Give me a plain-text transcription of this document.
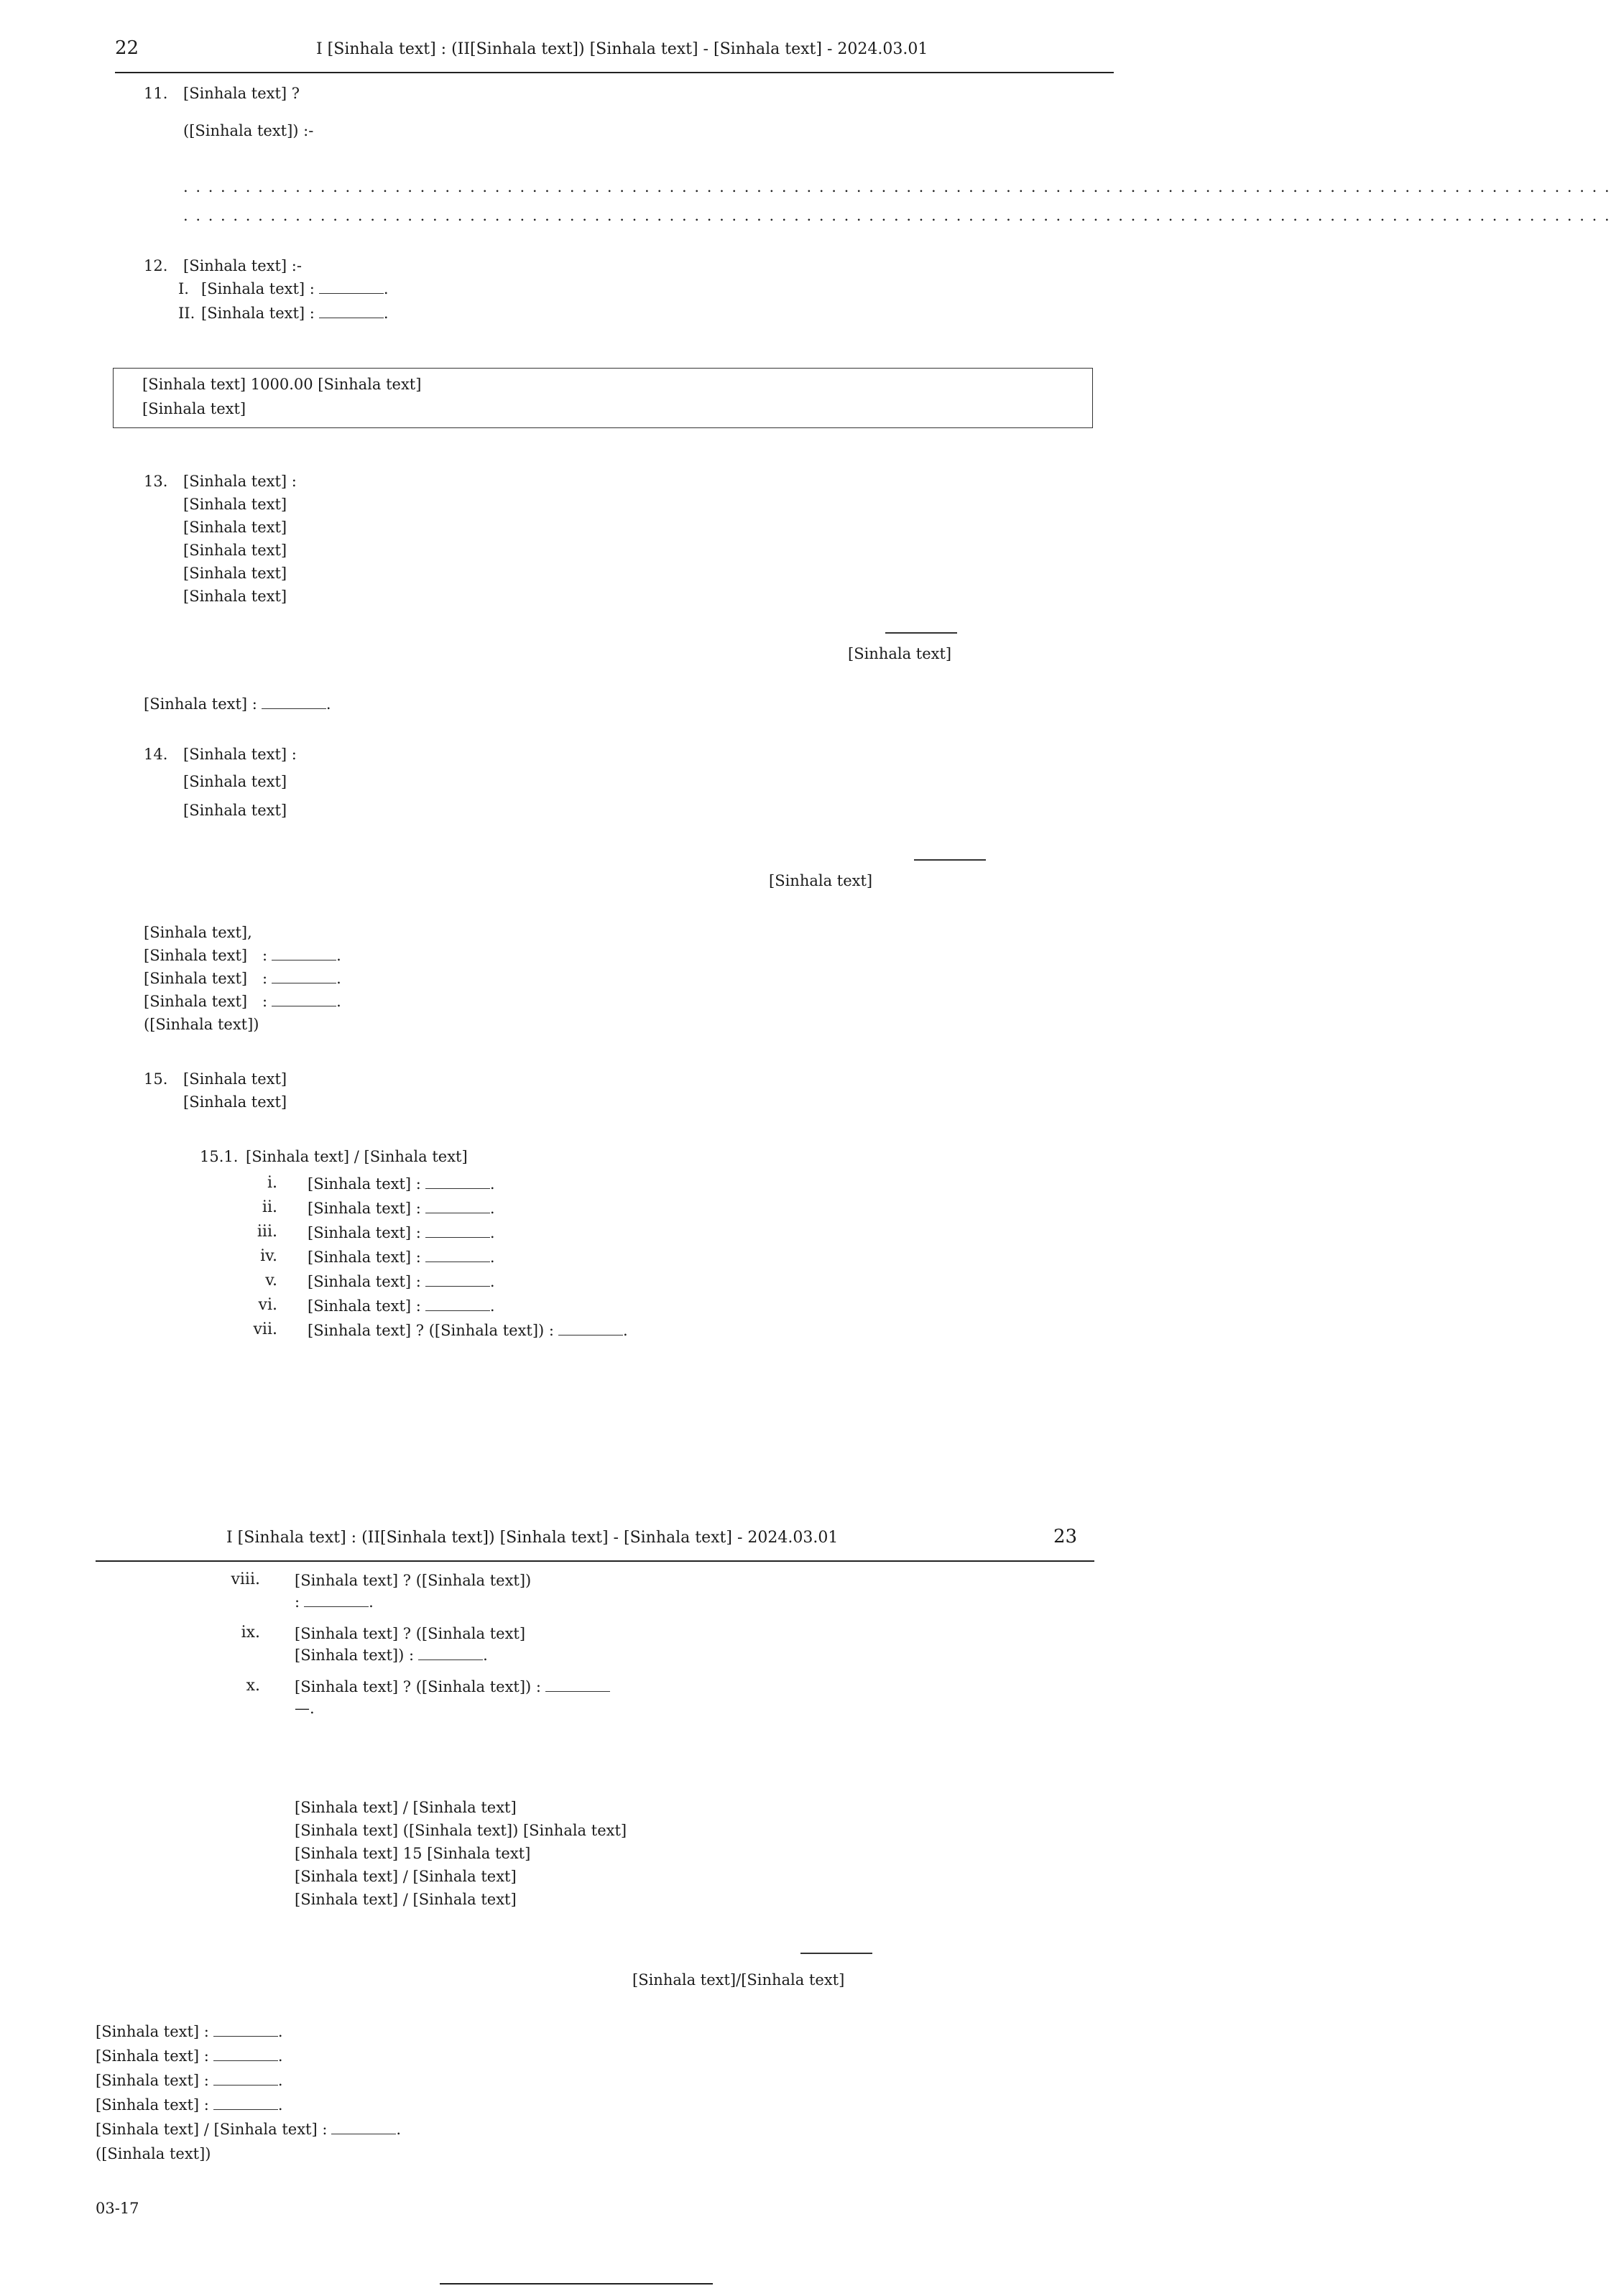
22	I [Sinhala text] : (II[Sinhala text]) [Sinhala text] - [Sinhala text] - 2024.03.01
11. [Sinhala text] ?
([Sinhala text]) :-
. . . . . . . . . . . . . . . . . . . . . . . . . . . . . . . . . . . . . . . . . . . . . . . . . . . . . . . . . . . . . . . . . . . . . . . . . . . . . . . . . . . . . . . . . . . . . . . . . . . . . . . . . . . . . . . . . . .
. . . . . . . . . . . . . . . . . . . . . . . . . . . . . . . . . . . . . . . . . . . . . . . . . . . . . . . . . . . . . . . . . . . . . . . . . . . . . . . . . . . . . . . . . . . . . . . . . . . . . . . . . . . . . . . . . . .
12. [Sinhala text] :-
I. [Sinhala text] :	.
II. [Sinhala text] :	.
[Sinhala text] 1000.00 [Sinhala text]
[Sinhala text]
13. [Sinhala text] :
[Sinhala text]
[Sinhala text]
[Sinhala text]
[Sinhala text]
[Sinhala text]
[Sinhala text]
[Sinhala text] :	.
14. [Sinhala text] :
[Sinhala text]
[Sinhala text]
[Sinhala text]
[Sinhala text],
[Sinhala text] :	.
[Sinhala text] :	.
[Sinhala text] :	.
([Sinhala text])
15. [Sinhala text]
[Sinhala text]
15.1. [Sinhala text] / [Sinhala text]
i. [Sinhala text] :	.
ii. [Sinhala text] :	.
iii. [Sinhala text] :	.
iv. [Sinhala text] :	.
v. [Sinhala text] :	.
vi. [Sinhala text] :	.
vii. [Sinhala text] ? ([Sinhala text]) :	.
I [Sinhala text] : (II[Sinhala text]) [Sinhala text] - [Sinhala text] - 2024.03.01	23
viii. [Sinhala text] ? ([Sinhala text])
:	.
ix. [Sinhala text] ? ([Sinhala text]
[Sinhala text]) :	.
x. [Sinhala text] ? ([Sinhala text]) :
—.
[Sinhala text] / [Sinhala text]
[Sinhala text] ([Sinhala text]) [Sinhala text]
[Sinhala text] 15 [Sinhala text]
[Sinhala text] / [Sinhala text]
[Sinhala text] / [Sinhala text]
[Sinhala text]/[Sinhala text]
[Sinhala text] :	.
[Sinhala text] :	.
[Sinhala text] :	.
[Sinhala text] :	.
[Sinhala text] / [Sinhala text] :	.
([Sinhala text])
03-17
